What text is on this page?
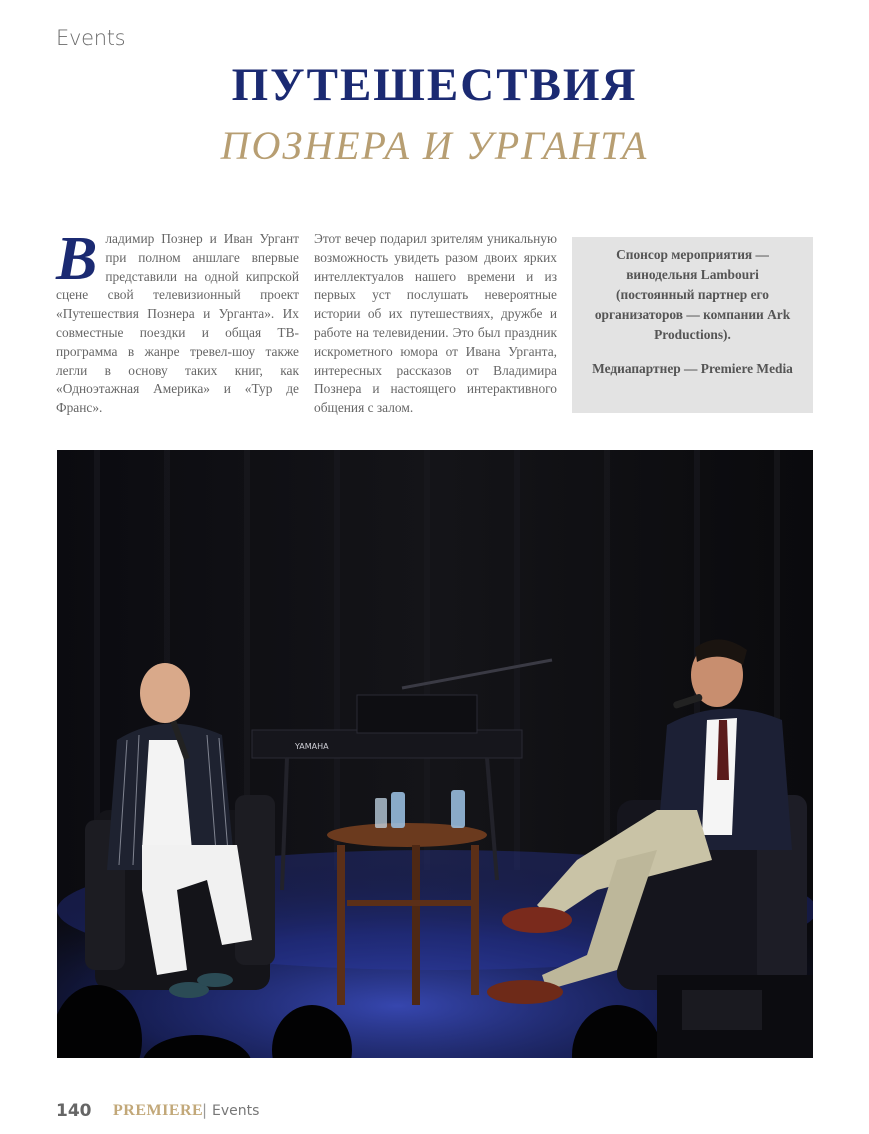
Events
ПУТЕШЕСТВИЯ
ПОЗНЕРА И УРГАНТА
В ладимир Познер и Иван Ургант при полном аншлаге впервые представили на одной кипрской сцене свой телевизионный проект «Путешествия Познера и Урганта». Их совместные поездки и общая ТВ-программа в жанре тревел-шоу также легли в основу таких книг, как «Одноэтажная Америка» и «Тур де Франс».
Этот вечер подарил зрителям уникальную возможность увидеть разом двоих ярких интеллектуалов нашего времени и из первых уст послушать невероятные истории об их путешествиях, дружбе и работе на телевидении. Это был праздник искрометного юмора от Ивана Урганта, интересных рассказов от Владимира Познера и настоящего интерактивного общения с залом.

Спонсор мероприятия — винодельня Lambouri (постоянный партнер его организаторов — компании Ark Productions).

Медиапартнер — Premiere Media

YAMAHA
140 PREMIERE
| Events
